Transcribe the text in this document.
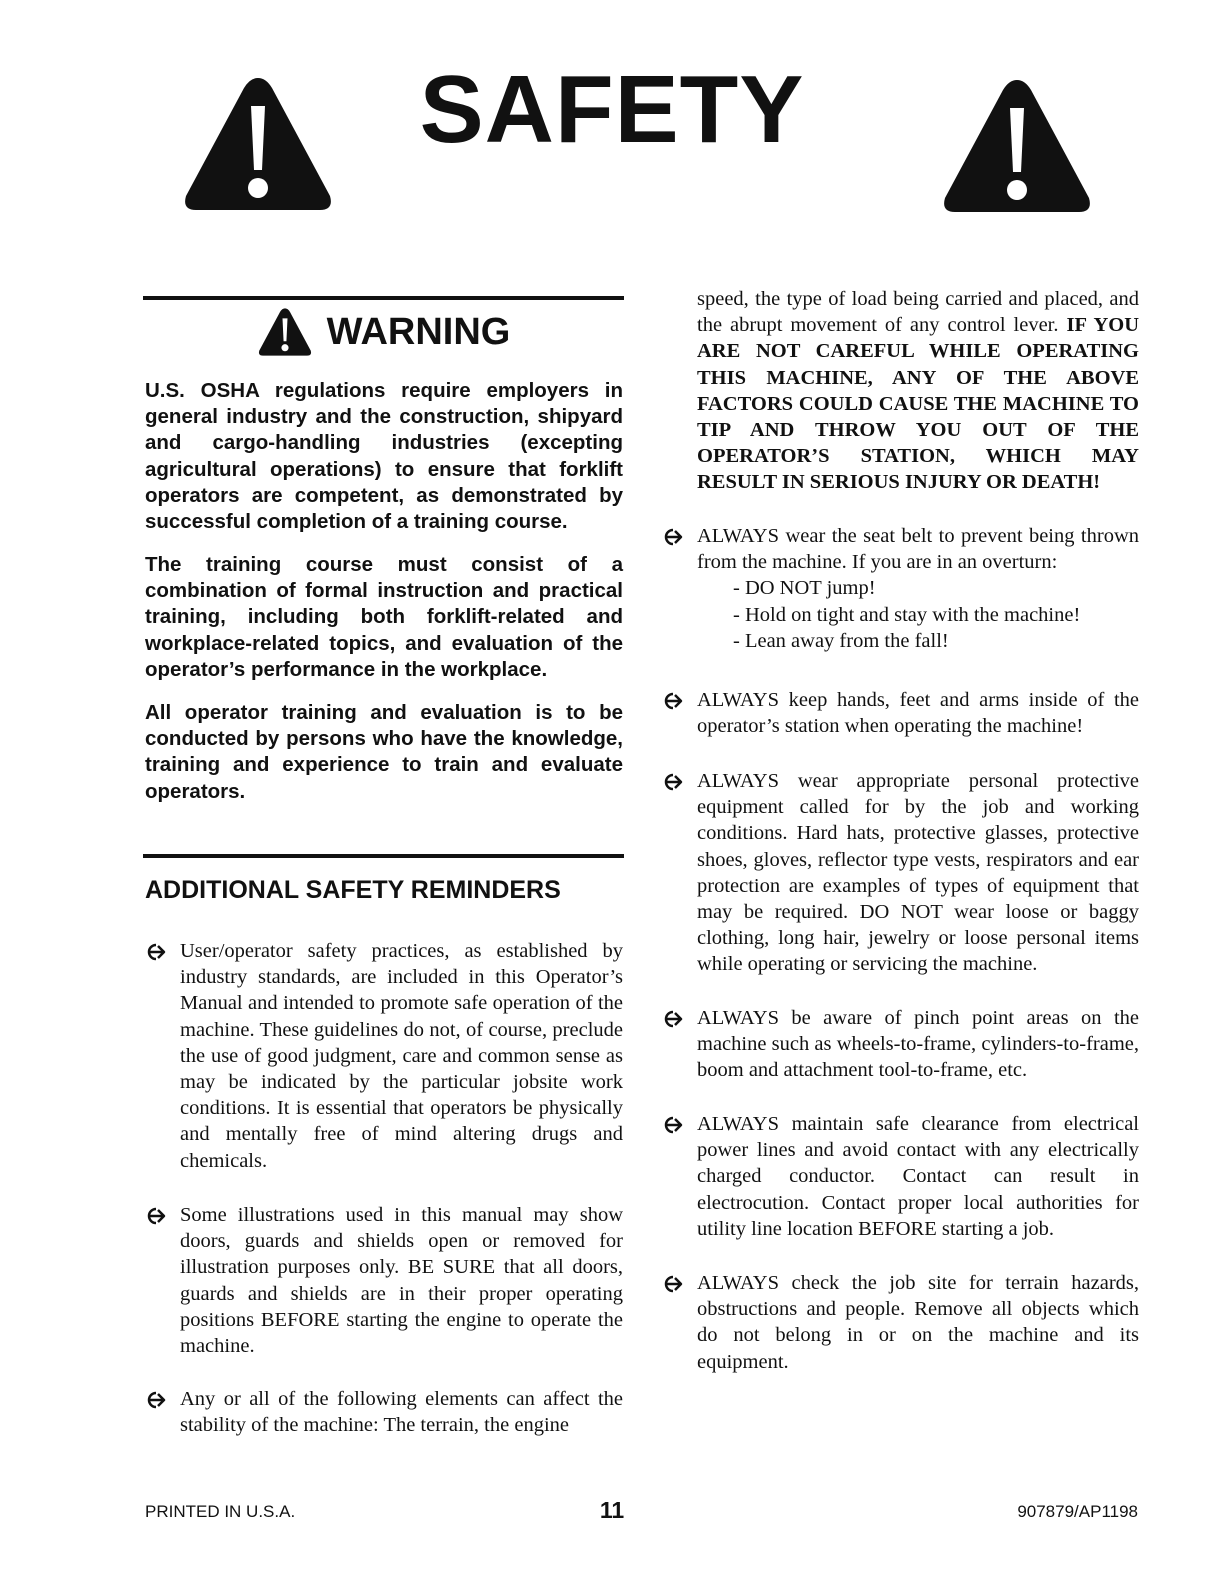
SAFETY
WARNING

U.S. OSHA regulations require employers in general industry and the construction, shipyard and cargo-handling industries (excepting agricultural operations) to ensure that forklift operators are competent, as demonstrated by successful completion of a training course.

The training course must consist of a combination of formal instruction and practical training, including both forklift-related and workplace-related topics, and evaluation of the operator’s performance in the workplace.

All operator training and evaluation is to be conducted by persons who have the knowledge, training and experience to train and evaluate operators.

ADDITIONAL SAFETY REMINDERS

User/operator safety practices, as established by industry standards, are included in this Operator’s Manual and intended to promote safe operation of the machine. These guidelines do not, of course, preclude the use of good judgment, care and common sense as may be indicated by the particular jobsite work conditions. It is essential that operators be physically and mentally free of mind altering drugs and chemicals.

Some illustrations used in this manual may show doors, guards and shields open or removed for illustration purposes only. BE SURE that all doors, guards and shields are in their proper operating positions BEFORE starting the engine to operate the machine.

Any or all of the following elements can affect the stability of the machine: The terrain, the engine

speed, the type of load being carried and placed, and the abrupt movement of any control lever. IF YOU ARE NOT CAREFUL WHILE OPERATING THIS MACHINE, ANY OF THE ABOVE FACTORS COULD CAUSE THE MACHINE TO TIP AND THROW YOU OUT OF THE OPERATOR’S STATION, WHICH MAY RESULT IN SERIOUS INJURY OR DEATH!

ALWAYS wear the seat belt to prevent being thrown from the machine. If you are in an overturn:

- DO NOT jump!
- Hold on tight and stay with the machine!
- Lean away from the fall!

ALWAYS keep hands, feet and arms inside of the operator’s station when operating the machine!

ALWAYS wear appropriate personal protective equipment called for by the job and working conditions. Hard hats, protective glasses, protective shoes, gloves, reflector type vests, respirators and ear protection are examples of types of equipment that may be required. DO NOT wear loose or baggy clothing, long hair, jewelry or loose personal items while operating or servicing the machine.

ALWAYS be aware of pinch point areas on the machine such as wheels-to-frame, cylinders-to-frame, boom and attachment tool-to-frame, etc.

ALWAYS maintain safe clearance from electrical power lines and avoid contact with any electrically charged conductor. Contact can result in electrocution. Contact proper local authorities for utility line location BEFORE starting a job.

ALWAYS check the job site for terrain hazards, obstructions and people. Remove all objects which do not belong in or on the machine and its equipment.

PRINTED IN U.S.A.	11	907879/AP1198
